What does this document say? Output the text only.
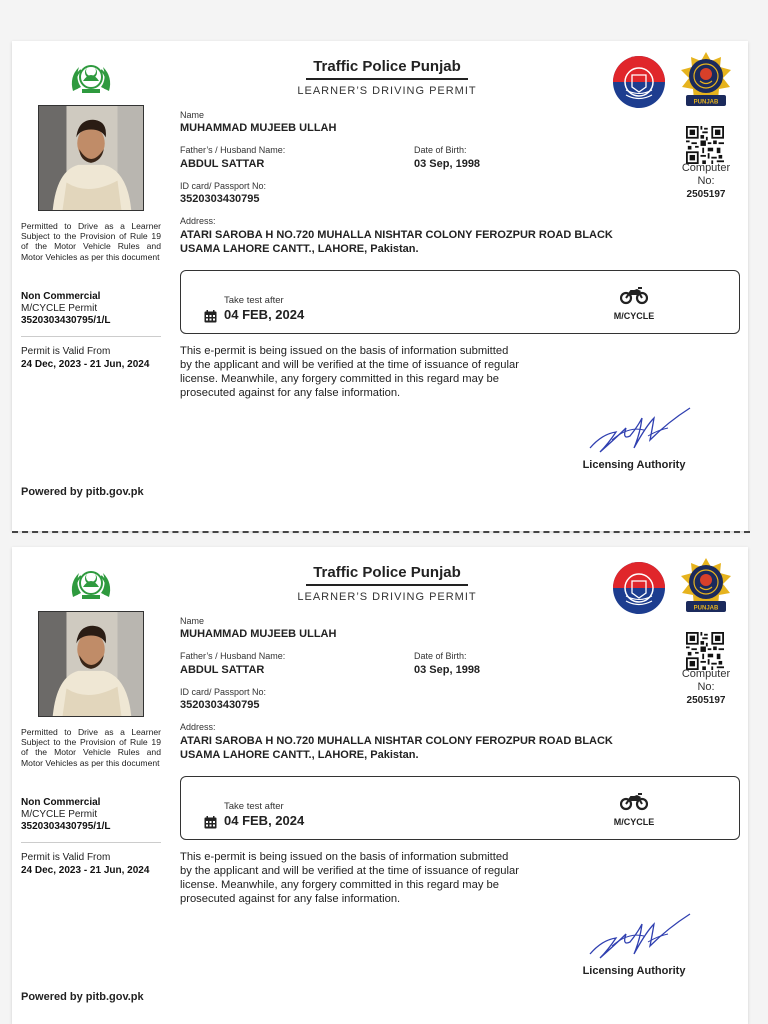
Permitted to Drive as a Learner Subject to the Provision of Rule 19 of the Motor Vehicle Rules and Motor Vehicles as per this document
Non Commercial
M/CYCLE Permit
3520303430795/1/L
Permit is Valid From
24 Dec, 2023 - 21 Jun, 2024
Powered by pitb.gov.pk
Traffic Police Punjab
LEARNER’S DRIVING PERMIT
PUNJAB
Name
MUHAMMAD MUJEEB ULLAH
Father’s / Husband Name:
ABDUL SATTAR
Date of Birth:
03 Sep, 1998
ID card/ Passport No:
3520303430795
Computer No:
2505197
Address:
ATARI SAROBA H NO.720 MUHALLA NISHTAR COLONY FEROZPUR ROAD BLACK USAMA LAHORE CANTT., LAHORE, Pakistan.
Take test after
04 FEB, 2024	M/CYCLE
This e-permit is being issued on the basis of information submitted by the applicant and will be verified at the time of issuance of regular license. Meanwhile, any forgery committed in this regard may be prosecuted against for any false information.
Licensing Authority
Permitted to Drive as a Learner Subject to the Provision of Rule 19 of the Motor Vehicle Rules and Motor Vehicles as per this document
Non Commercial
M/CYCLE Permit
3520303430795/1/L
Permit is Valid From
24 Dec, 2023 - 21 Jun, 2024
Powered by pitb.gov.pk
Traffic Police Punjab
LEARNER’S DRIVING PERMIT
PUNJAB
Name
MUHAMMAD MUJEEB ULLAH
Father’s / Husband Name:
ABDUL SATTAR
Date of Birth:
03 Sep, 1998
ID card/ Passport No:
3520303430795
Computer No:
2505197
Address:
ATARI SAROBA H NO.720 MUHALLA NISHTAR COLONY FEROZPUR ROAD BLACK USAMA LAHORE CANTT., LAHORE, Pakistan.
Take test after
04 FEB, 2024	M/CYCLE
This e-permit is being issued on the basis of information submitted by the applicant and will be verified at the time of issuance of regular license. Meanwhile, any forgery committed in this regard may be prosecuted against for any false information.
Licensing Authority
